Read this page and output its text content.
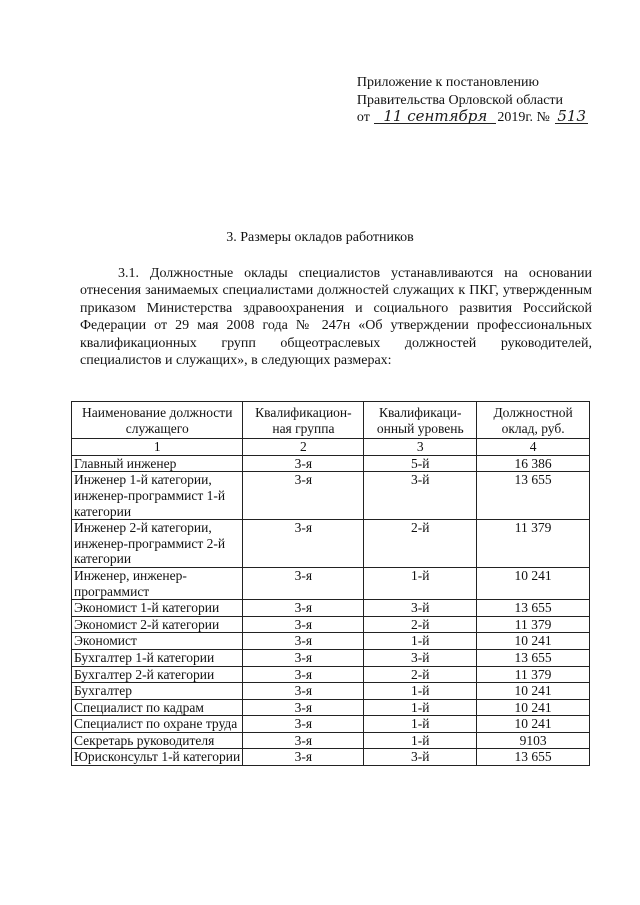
Приложение к постановлению
Правительства Орловской области
от 11 сентября 2019г. № 513
3. Размеры окладов работников
3.1. Должностные оклады специалистов устанавливаются на основании отнесения занимаемых специалистами должностей служащих к ПКГ, утвержденным приказом Министерства здравоохранения и социального развития Российской Федерации от 29 мая 2008 года № 247н «Об утверждении профессиональных квалификационных групп общеотраслевых должностей руководителей, специалистов и служащих», в следующих размерах:
Наименование должности служащего	Квалификацион-ная группа	Квалификаци-онный уровень	Должностной оклад, руб.
1	2	3	4
Главный инженер	3-я	5-й	16 386
Инженер 1-й категории, инженер-программист 1-й категории	3-я	3-й	13 655
Инженер 2-й категории, инженер-программист 2-й категории	3-я	2-й	11 379
Инженер, инженер-программист	3-я	1-й	10 241
Экономист 1-й категории	3-я	3-й	13 655
Экономист 2-й категории	3-я	2-й	11 379
Экономист	3-я	1-й	10 241
Бухгалтер 1-й категории	3-я	3-й	13 655
Бухгалтер 2-й категории	3-я	2-й	11 379
Бухгалтер	3-я	1-й	10 241
Специалист по кадрам	3-я	1-й	10 241
Специалист по охране труда	3-я	1-й	10 241
Секретарь руководителя	3-я	1-й	9103
Юрисконсульт 1-й категории	3-я	3-й	13 655
